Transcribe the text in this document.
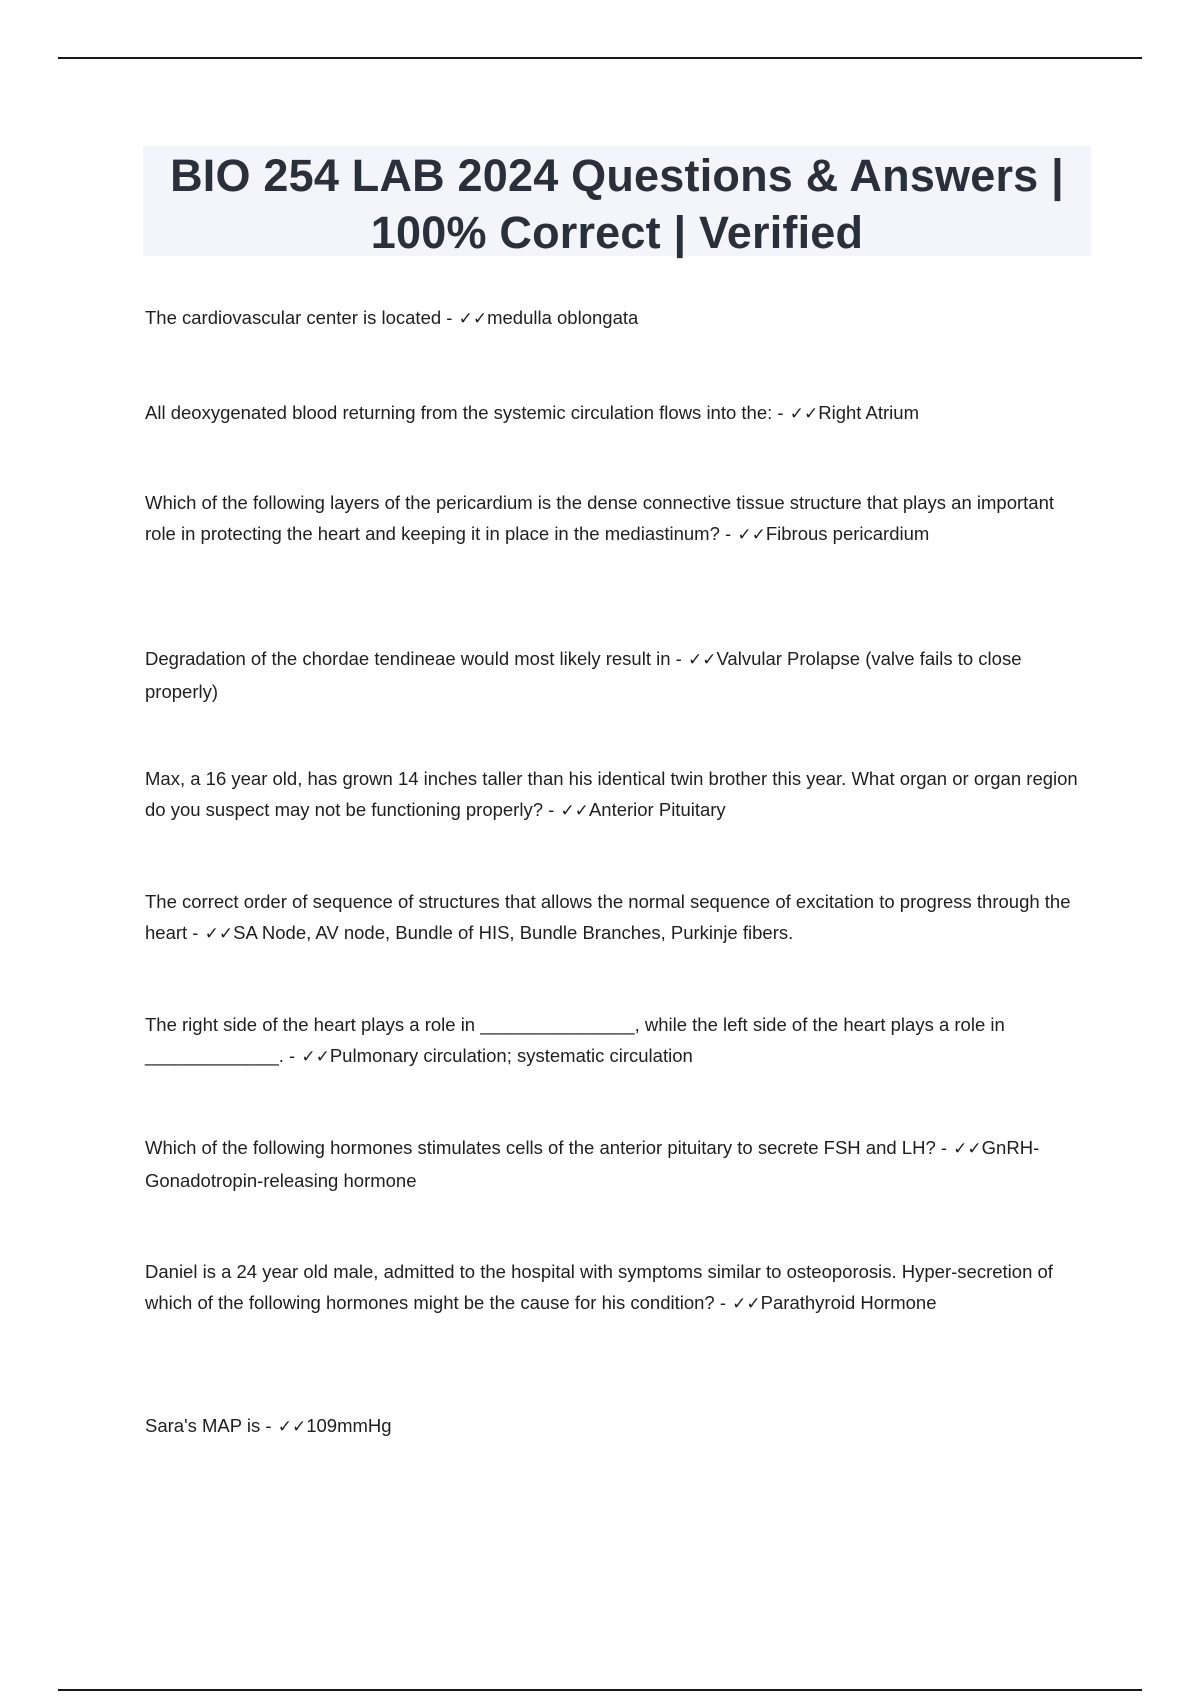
BIO 254 LAB 2024 Questions & Answers | 100% Correct | Verified
The cardiovascular center is located - ✓✓medulla oblongata
All deoxygenated blood returning from the systemic circulation flows into the: - ✓✓Right Atrium
Which of the following layers of the pericardium is the dense connective tissue structure that plays an important role in protecting the heart and keeping it in place in the mediastinum? - ✓✓Fibrous pericardium
Degradation of the chordae tendineae would most likely result in - ✓✓Valvular Prolapse (valve fails to close properly)
Max, a 16 year old, has grown 14 inches taller than his identical twin brother this year. What organ or organ region do you suspect may not be functioning properly? - ✓✓Anterior Pituitary
The correct order of sequence of structures that allows the normal sequence of excitation to progress through the heart - ✓✓SA Node, AV node, Bundle of HIS, Bundle Branches, Purkinje fibers.
The right side of the heart plays a role in _______________, while the left side of the heart plays a role in _____________. - ✓✓Pulmonary circulation; systematic circulation
Which of the following hormones stimulates cells of the anterior pituitary to secrete FSH and LH? - ✓✓GnRH- Gonadotropin-releasing hormone
Daniel is a 24 year old male, admitted to the hospital with symptoms similar to osteoporosis. Hyper-secretion of which of the following hormones might be the cause for his condition? - ✓✓Parathyroid Hormone
Sara's MAP is - ✓✓109mmHg
